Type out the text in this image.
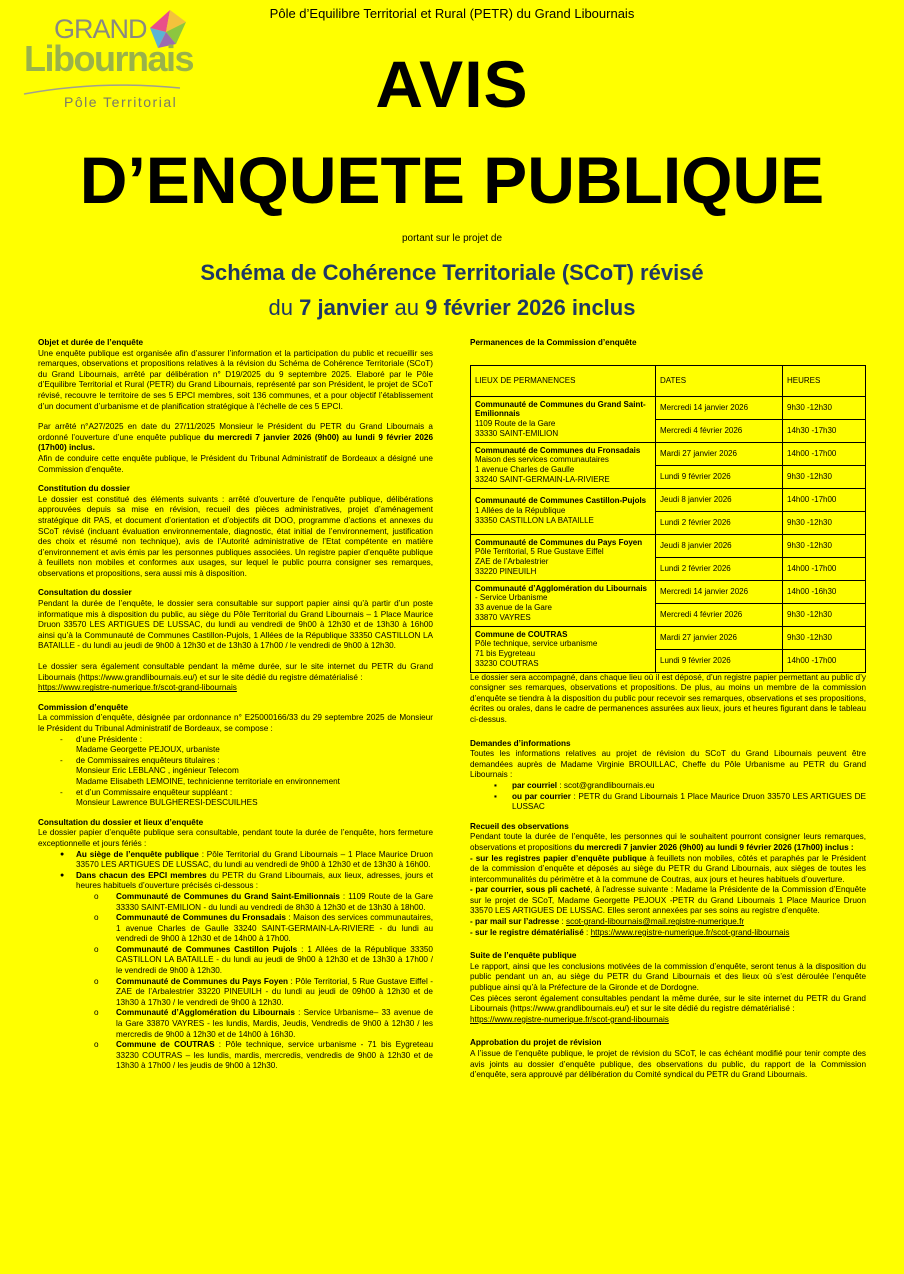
Pôle d’Equilibre Territorial et Rural (PETR) du Grand Libournais
GRAND
Libournais
Pôle Territorial	AVIS
D’ENQUETE PUBLIQUE
portant sur le projet de
Schéma de Cohérence Territoriale (SCoT) révisé
du 7 janvier au 9 février 2026 inclus

Objet et durée de l’enquête

Une enquête publique est organisée afin d’assurer l’information et la participation du public et recueillir ses remarques, observations et propositions relatives à la révision du Schéma de Cohérence Territoriale (SCoT) du Grand Libournais, arrêté par délibération n° D19/2025 du 9 septembre 2025. Elaboré par le Pôle d’Equilibre Territorial et Rural (PETR) du Grand Libournais, représenté par son Président, le projet de SCoT révisé, recouvre le territoire de ses 5 EPCI membres, soit 136 communes, et a pour objectif l’établissement d’un document d’urbanisme et de planification stratégique à l’échelle de ces 5 EPCI.

Par arrêté n°A27/2025 en date du 27/11/2025 Monsieur le Président du PETR du Grand Libournais a ordonné l’ouverture d’une enquête publique du mercredi 7 janvier 2026 (9h00) au lundi 9 février 2026 (17h00) inclus.

Afin de conduire cette enquête publique, le Président du Tribunal Administratif de Bordeaux a désigné une Commission d’enquête.

Constitution du dossier

Le dossier est constitué des éléments suivants : arrêté d’ouverture de l’enquête publique, délibérations approuvées depuis sa mise en révision, recueil des pièces administratives, projet d’aménagement stratégique dit PAS, et document d’orientation et d’objectifs dit DOO, programme d’actions et annexes du SCoT révisé (incluant évaluation environnementale, diagnostic, état initial de l’environnement, justification des choix et résumé non technique), avis de l’Autorité administrative de l’Etat compétente en matière d’environnement et avis émis par les personnes publiques associées. Un registre papier d’enquête publique à feuillets non mobiles et conformes aux usages, sur lequel le public pourra consigner ses remarques, observations et propositions, sera aussi mis à disposition.

Consultation du dossier

Pendant la durée de l’enquête, le dossier sera consultable sur support papier ainsi qu’à partir d’un poste informatique mis à disposition du public, au siège du Pôle Territorial du Grand Libournais – 1 Place Maurice Druon 33570 LES ARTIGUES DE LUSSAC, du lundi au vendredi de 9h00 à 12h30 et de 13h30 à 16h00 ainsi qu’à la Communauté de Communes Castillon-Pujols, 1 Allées de la République 33350 CASTILLON LA BATAILLE - du lundi au jeudi de 9h00 à 12h30 et de 13h30 à 17h00 / le vendredi de 9h00 à 12h30.

Le dossier sera également consultable pendant la même durée, sur le site internet du PETR du Grand Libournais (https://www.grandlibournais.eu/) et sur le site dédié du registre dématérialisé :

https://www.registre-numerique.fr/scot-grand-libournais

Commission d’enquête

La commission d’enquête, désignée par ordonnance n° E25000166/33 du 29 septembre 2025 de Monsieur le Président du Tribunal Administratif de Bordeaux, se compose :

- d’une Présidente :
Madame Georgette PEJOUX, urbaniste
- de Commissaires enquêteurs titulaires :
Monsieur Eric LEBLANC , ingénieur Telecom
Madame Elisabeth LEMOINE, technicienne territoriale en environnement
- et d’un Commissaire enquêteur suppléant :
Monsieur Lawrence BULGHERESI-DESCUILHES

Consultation du dossier et lieux d’enquête

Le dossier papier d’enquête publique sera consultable, pendant toute la durée de l’enquête, hors fermeture exceptionnelle et jours fériés :

● Au siège de l’enquête publique : Pôle Territorial du Grand Libournais – 1 Place Maurice Druon 33570 LES ARTIGUES DE LUSSAC, du lundi au vendredi de 9h00 à 12h30 et de 13h30 à 16h00.
● Dans chacun des EPCI membres du PETR du Grand Libournais, aux lieux, adresses, jours et heures habituels d’ouverture précisés ci-dessous :
o Communauté de Communes du Grand Saint-Emilionnais : 1109 Route de la Gare 33330 SAINT-EMILION - du lundi au vendredi de 8h30 à 12h30 et de 13h30 à 18h00.
o Communauté de Communes du Fronsadais : Maison des services communautaires, 1 avenue Charles de Gaulle 33240 SAINT-GERMAIN-LA-RIVIERE - du lundi au vendredi de 9h00 à 12h30 et de 14h00 à 17h00.
o Communauté de Communes Castillon Pujols : 1 Allées de la République 33350 CASTILLON LA BATAILLE - du lundi au jeudi de 9h00 à 12h30 et de 13h30 à 17h00 / le vendredi de 9h00 à 12h30.
o Communauté de Communes du Pays Foyen : Pôle Territorial, 5 Rue Gustave Eiffel - ZAE de l’Arbalestrier 33220 PINEUILH - du lundi au jeudi de 09h00 à 12h30 et de 13h30 à 17h30 / le vendredi de 9h00 à 12h30.
o Communauté d’Agglomération du Libournais : Service Urbanisme– 33 avenue de la Gare 33870 VAYRES - les lundis, Mardis, Jeudis, Vendredis de 9h00 à 12h30 / les mercredis de 9h00 à 12h30 et de 14h00 à 16h30.
o Commune de COUTRAS : Pôle technique, service urbanisme - 71 bis Eygreteau 33230 COUTRAS – les lundis, mardis, mercredis, vendredis de 9h00 à 12h30 et de 13h30 à 17h00 / les jeudis de 9h00 à 12h30.

Permanences de la Commission d’enquête

LIEUX DE PERMANENCES	DATES	HEURES
Communauté de Communes du Grand Saint-Emilionnais
1109 Route de la Gare
33330 SAINT-EMILION	Mercredi 14 janvier 2026	9h30 -12h30
	Mercredi 4 février 2026	14h30 -17h30
Communauté de Communes du Fronsadais
Maison des services communautaires
1 avenue Charles de Gaulle
33240 SAINT-GERMAIN-LA-RIVIERE	Mardi 27 janvier 2026	14h00 -17h00
	Lundi 9 février 2026	9h30 -12h30
Communauté de Communes Castillon-Pujols
1 Allées de la République
33350 CASTILLON LA BATAILLE	Jeudi 8 janvier 2026	14h00 -17h00
	Lundi 2 février 2026	9h30 -12h30
Communauté de Communes du Pays Foyen
Pôle Territorial, 5 Rue Gustave Eiffel
ZAE de l’Arbalestrier
33220 PINEUILH	Jeudi 8 janvier 2026	9h30 -12h30
	Lundi 2 février 2026	14h00 -17h00
Communauté d’Agglomération du Libournais - Service Urbanisme
33 avenue de la Gare
33870 VAYRES	Mercredi 14 janvier 2026	14h00 -16h30
	Mercredi 4 février 2026	9h30 -12h30
Commune de COUTRAS
Pôle technique, service urbanisme
71 bis Eygreteau
33230 COUTRAS	Mardi 27 janvier 2026	9h30 -12h30
	Lundi 9 février 2026	14h00 -17h00

Le dossier sera accompagné, dans chaque lieu où il est déposé, d’un registre papier permettant au public d’y consigner ses remarques, observations et propositions. De plus, au moins un membre de la commission d’enquête se tiendra à la disposition du public pour recevoir ses remarques, observations et ses propositions, écrites ou orales, dans le cadre de permanences assurées aux lieux, jours et heures figurant dans le tableau ci-dessus.

Demandes d’informations

Toutes les informations relatives au projet de révision du SCoT du Grand Libournais peuvent être demandées auprès de Madame Virginie BROUILLAC, Cheffe du Pôle Urbanisme au PETR du Grand Libournais :

▪ par courriel : scot@grandlibournais.eu
▪ ou par courrier : PETR du Grand Libournais 1 Place Maurice Druon 33570 LES ARTIGUES DE LUSSAC

Recueil des observations

Pendant toute la durée de l’enquête, les personnes qui le souhaitent pourront consigner leurs remarques, observations et propositions du mercredi 7 janvier 2026 (9h00) au lundi 9 février 2026 (17h00) inclus :

- sur les registres papier d’enquête publique à feuillets non mobiles, côtés et paraphés par le Président de la commission d’enquête et déposés au siège du PETR du Grand Libournais, aux sièges de toutes les intercommunalités du périmètre et à la commune de Coutras, aux jours et heures habituels d’ouverture.

- par courrier, sous pli cacheté, à l’adresse suivante : Madame la Présidente de la Commission d’Enquête sur le projet de SCoT, Madame Georgette PEJOUX -PETR du Grand Libournais 1 Place Maurice Druon 33570 LES ARTIGUES DE LUSSAC. Elles seront annexées par ses soins au registre d’enquête.

- par mail sur l’adresse : scot-grand-libournais@mail.registre-numerique.fr

- sur le registre dématérialisé : https://www.registre-numerique.fr/scot-grand-libournais

Suite de l’enquête publique

Le rapport, ainsi que les conclusions motivées de la commission d’enquête, seront tenus à la disposition du public pendant un an, au siège du PETR du Grand Libournais et des lieux où s’est déroulée l’enquête publique ainsi qu’à la Préfecture de la Gironde et de Dordogne.

Ces pièces seront également consultables pendant la même durée, sur le site internet du PETR du Grand Libournais (https://www.grandlibournais.eu/) et sur le site dédié du registre dématérialisé :

https://www.registre-numerique.fr/scot-grand-libournais

Approbation du projet de révision

A l’issue de l’enquête publique, le projet de révision du SCoT, le cas échéant modifié pour tenir compte des avis joints au dossier d’enquête publique, des observations du public, du rapport de la Commission d’enquête, sera approuvé par délibération du Comité syndical du PETR du Grand Libournais.
